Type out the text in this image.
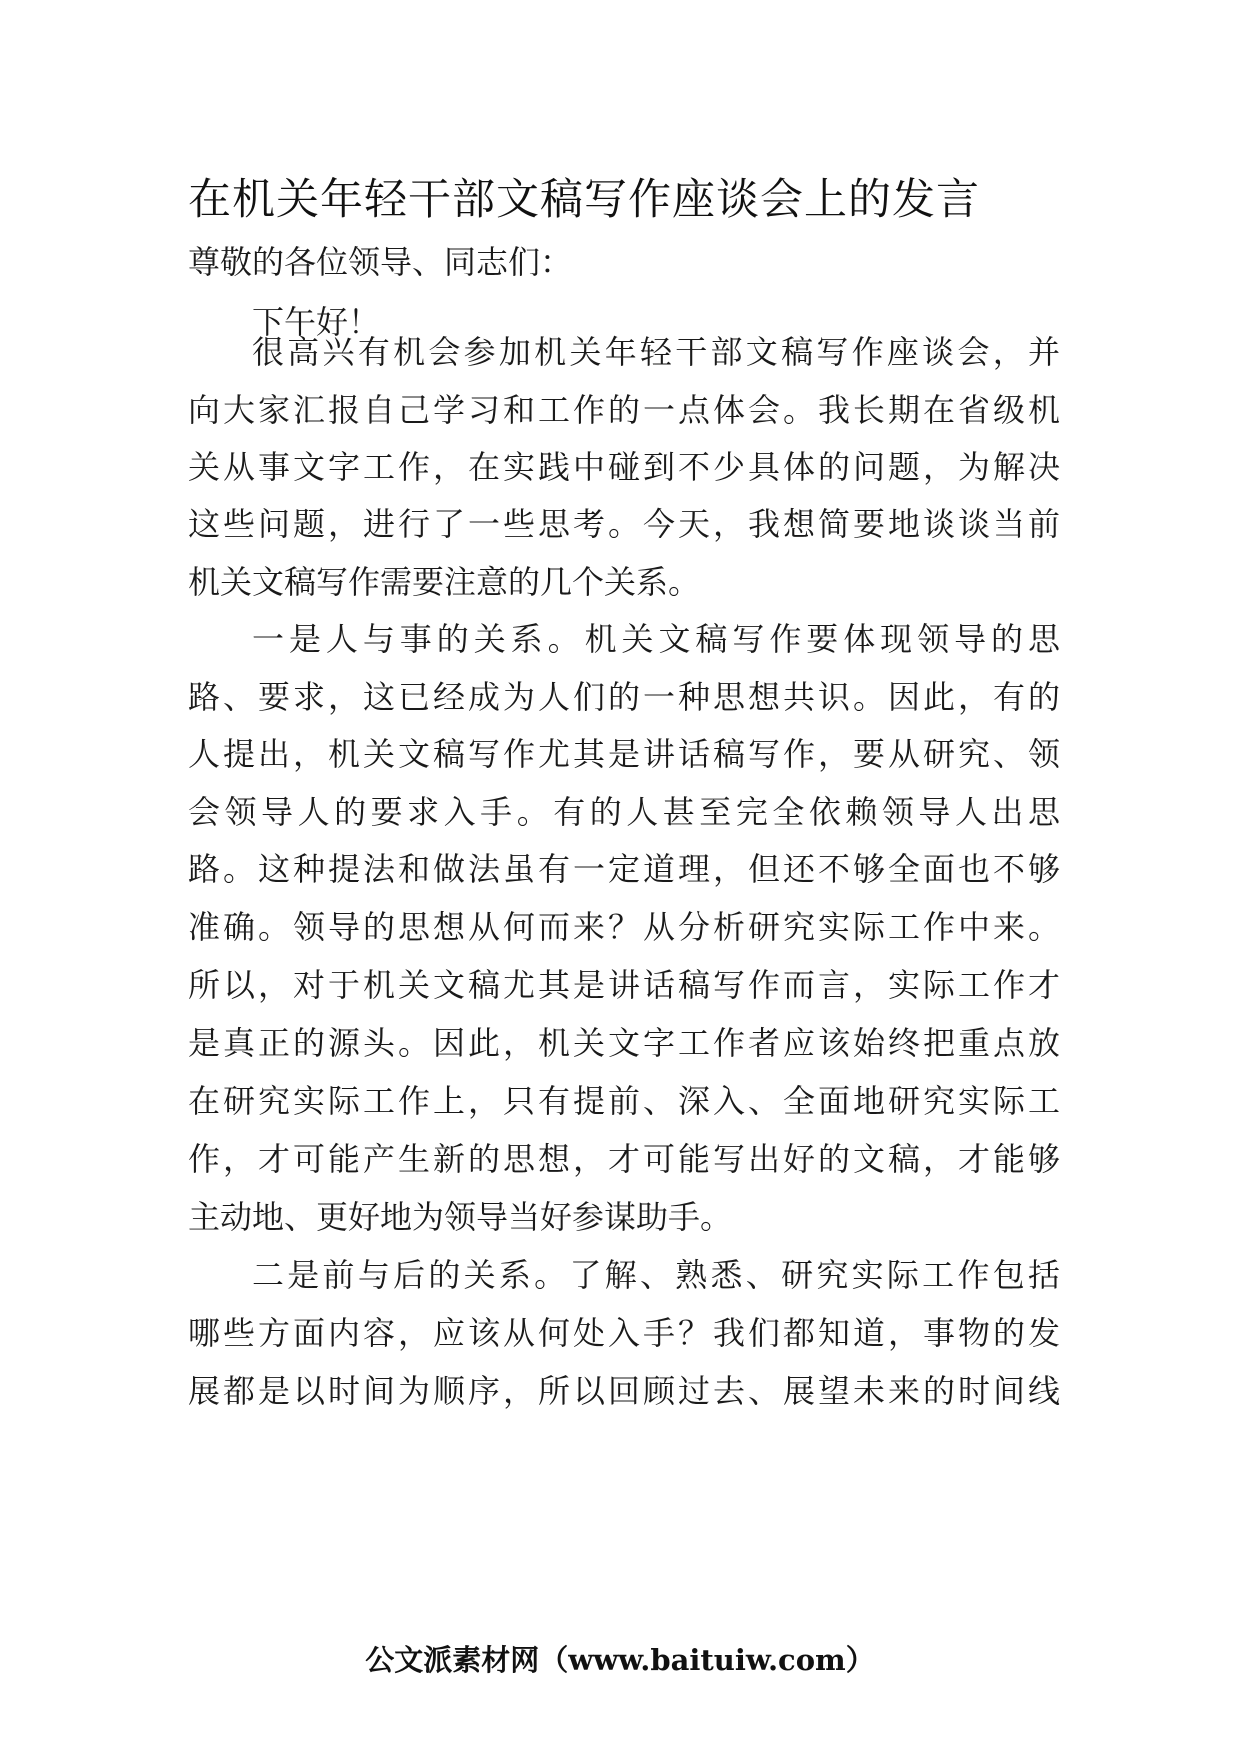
在机关年轻干部文稿写作座谈会上的发言
尊敬的各位领导、同志们：
下午好！
很高兴有机会参加机关年轻干部文稿写作座谈会，并
向大家汇报自己学习和工作的一点体会。我长期在省级机
关从事文字工作，在实践中碰到不少具体的问题，为解决
这些问题，进行了一些思考。今天，我想简要地谈谈当前
机关文稿写作需要注意的几个关系。
一是人与事的关系。机关文稿写作要体现领导的思
路、要求，这已经成为人们的一种思想共识。因此，有的
人提出，机关文稿写作尤其是讲话稿写作，要从研究、领
会领导人的要求入手。有的人甚至完全依赖领导人出思
路。这种提法和做法虽有一定道理，但还不够全面也不够
准确。领导的思想从何而来？从分析研究实际工作中来。
所以，对于机关文稿尤其是讲话稿写作而言，实际工作才
是真正的源头。因此，机关文字工作者应该始终把重点放
在研究实际工作上，只有提前、深入、全面地研究实际工
作，才可能产生新的思想，才可能写出好的文稿，才能够
主动地、更好地为领导当好参谋助手。
二是前与后的关系。了解、熟悉、研究实际工作包括
哪些方面内容，应该从何处入手？我们都知道，事物的发
展都是以时间为顺序，所以回顾过去、展望未来的时间线
公文派素材网（www.baituiw.com）
